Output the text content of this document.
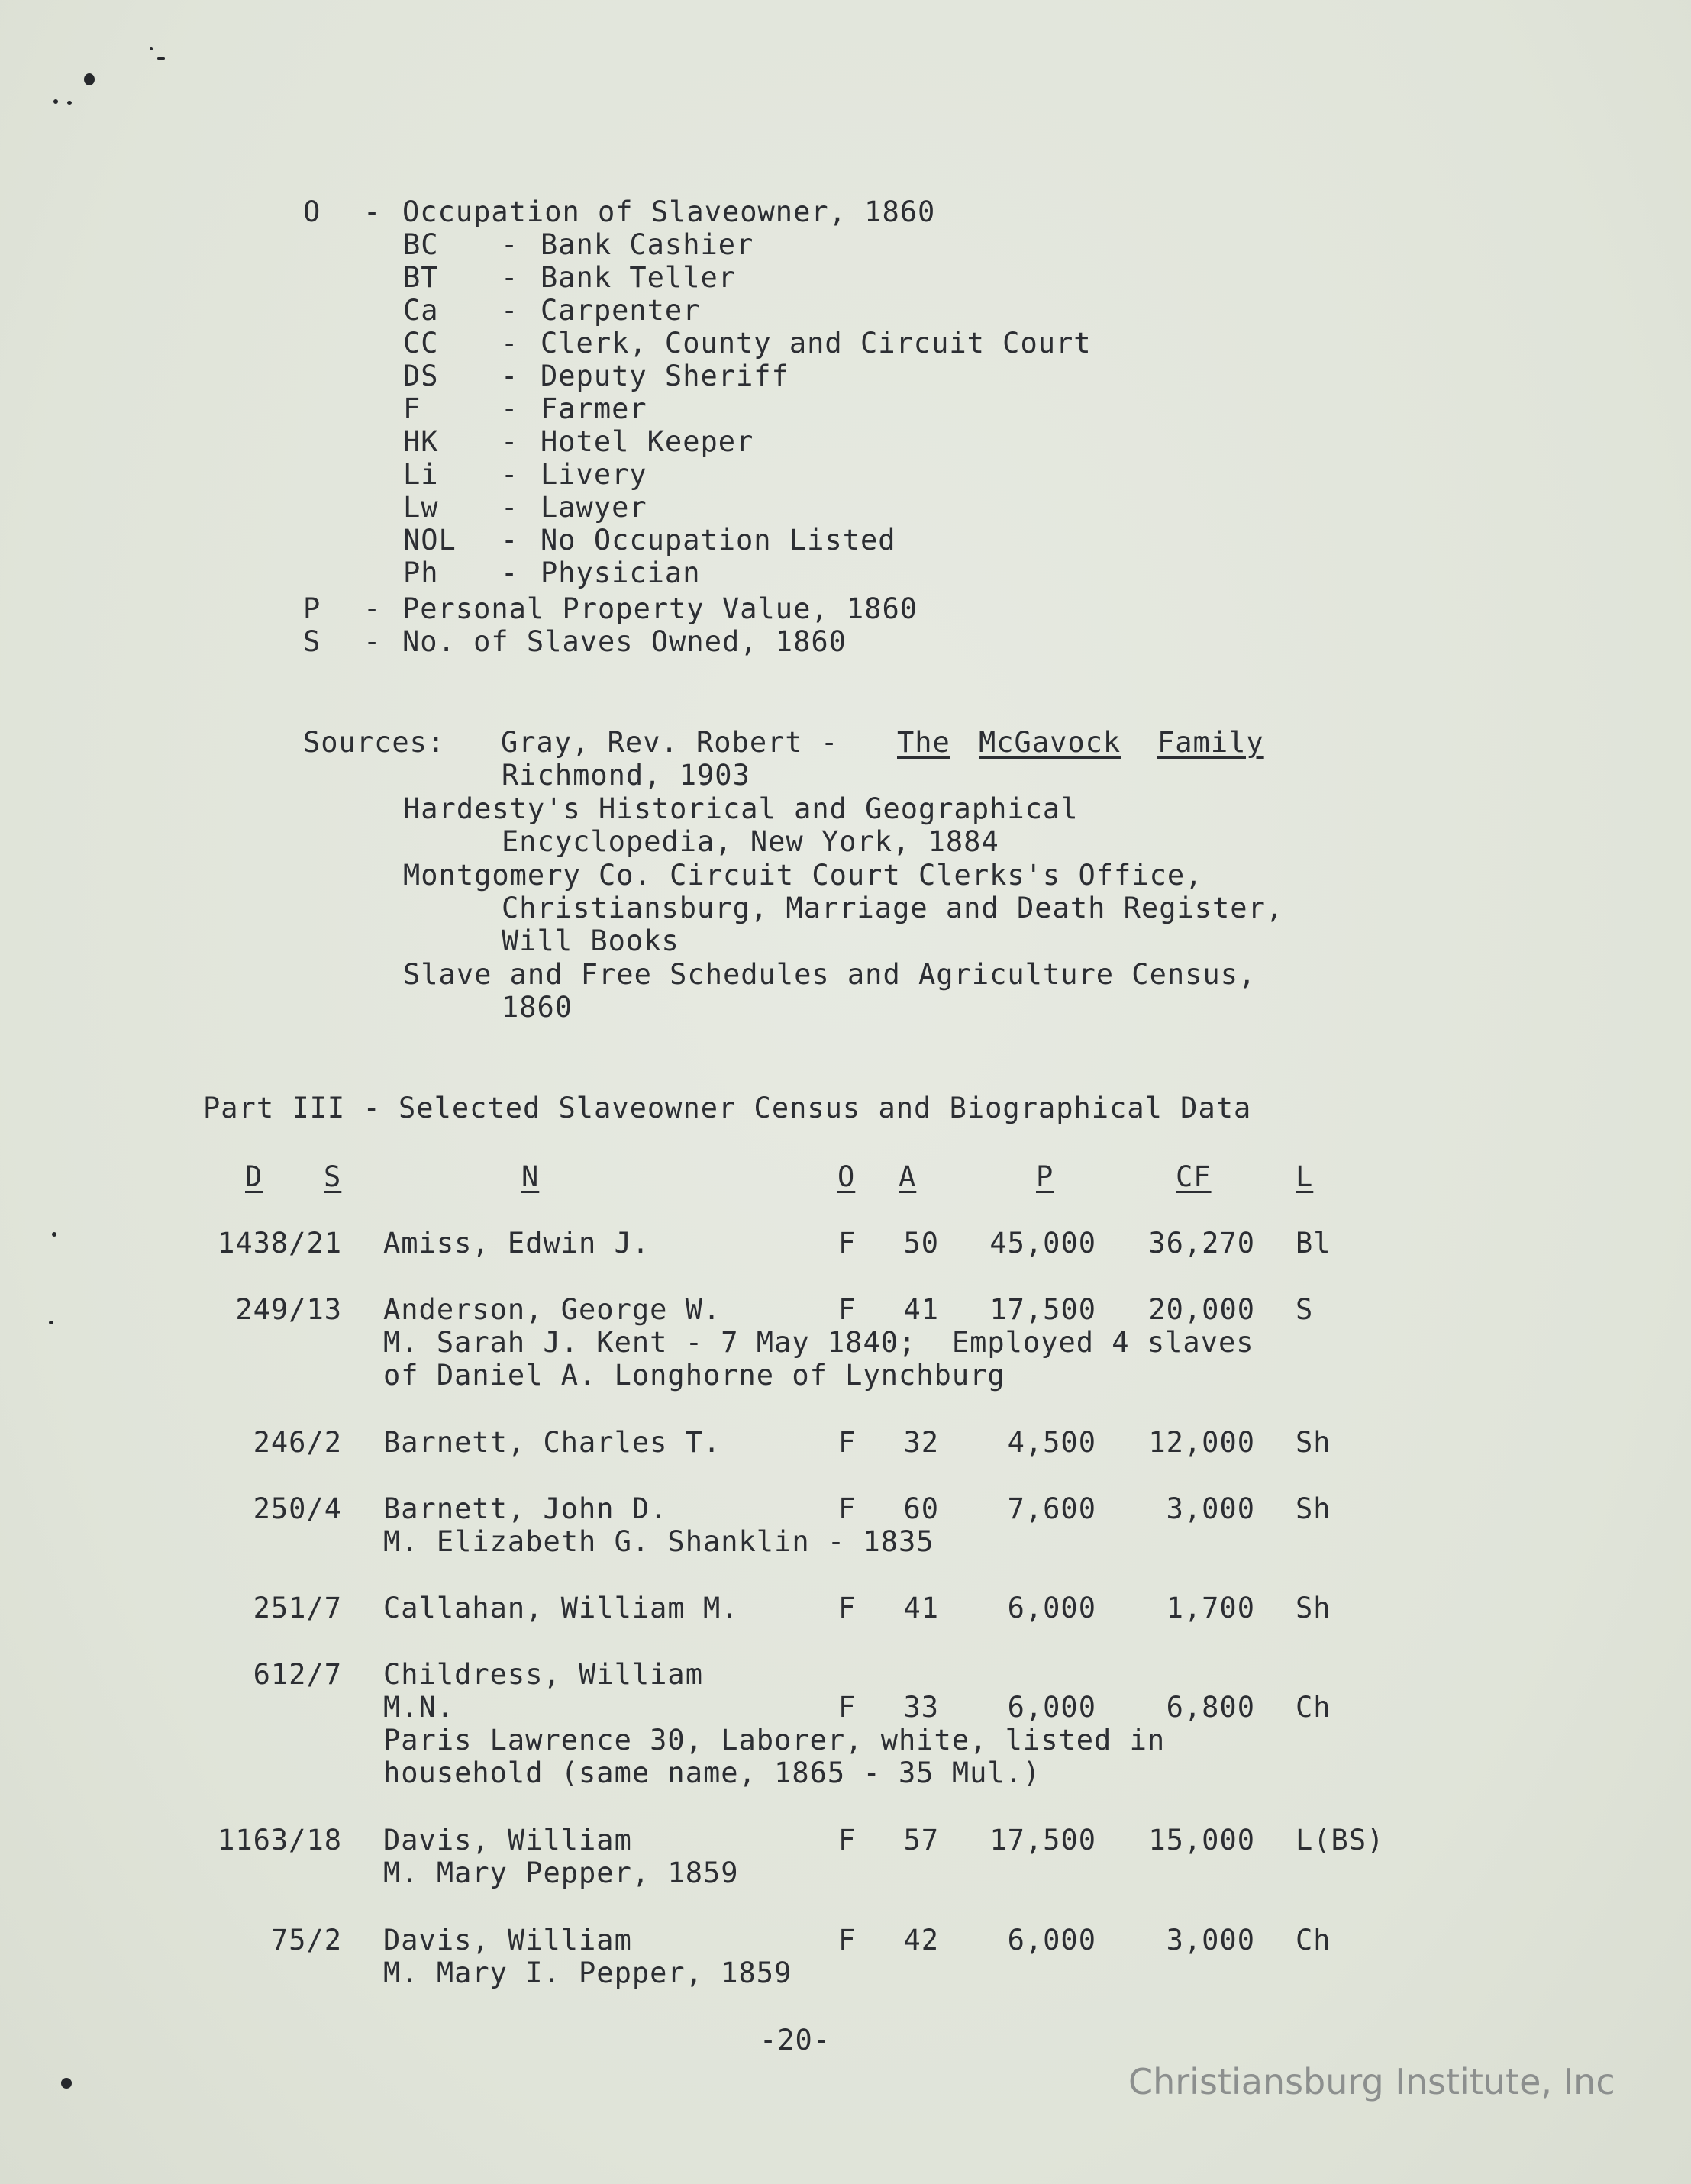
O - Occupation of Slaveowner, 1860
BC - Bank Cashier
BT - Bank Teller
Ca - Carpenter
CC - Clerk, County and Circuit Court
DS - Deputy Sheriff
F	- Farmer
HK - Hotel Keeper
Li - Livery
Lw - Lawyer
NOL - No Occupation Listed
Ph - Physician
P - Personal Property Value, 1860
S - No. of Slaves Owned, 1860
Sources: Gray, Rev. Robert - The McGavock Family
Richmond, 1903
Hardesty's Historical and Geographical
Encyclopedia, New York, 1884
Montgomery Co. Circuit Court Clerks's Office,
Christiansburg, Marriage and Death Register,
Will Books
Slave and Free Schedules and Agriculture Census,
1860
Part III - Selected Slaveowner Census and Biographical Data
D S	N	O A	P	CF	L
1438/21 Amiss, Edwin J.	F	50	45,000	36,270 Bl
249/13 Anderson, George W.	F	41	17,500	20,000 S
M. Sarah J. Kent - 7 May 1840;  Employed 4 slaves
of Daniel A. Longhorne of Lynchburg
246/2 Barnett, Charles T.	F	32	4,500	12,000 Sh
250/4 Barnett, John D.	F	60	7,600	3,000 Sh
M. Elizabeth G. Shanklin - 1835
251/7 Callahan, William M.	F	41	6,000	1,700 Sh
612/7 Childress, William
M.N.	F	33	6,000	6,800 Ch
Paris Lawrence 30, Laborer, white, listed in
household (same name, 1865 - 35 Mul.)
1163/18 Davis, William	F	57	17,500	15,000 L(BS)
M. Mary Pepper, 1859
75/2 Davis, William	F	42	6,000	3,000 Ch
M. Mary I. Pepper, 1859
-20-
Christiansburg Institute, Inc
